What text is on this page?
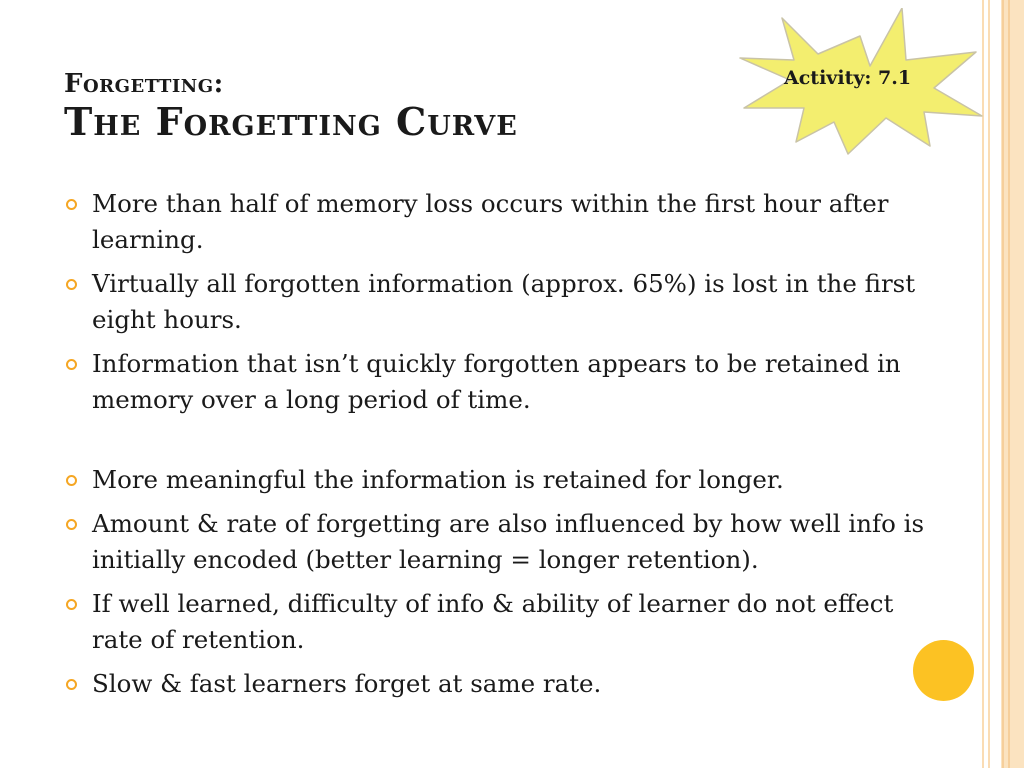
Forgetting:
The Forgetting Curve
Activity: 7.1
More than half of memory loss occurs within the first hour after learning.
Virtually all forgotten information (approx. 65%) is lost in the first eight hours.
Information that isn’t quickly forgotten appears to be retained in memory over a long period of time.
More meaningful the information is retained for longer.
Amount & rate of forgetting are also influenced by how well info is initially encoded (better learning = longer retention).
If well learned, difficulty of info & ability of learner do not effect rate of retention.
Slow & fast learners forget at same rate.
